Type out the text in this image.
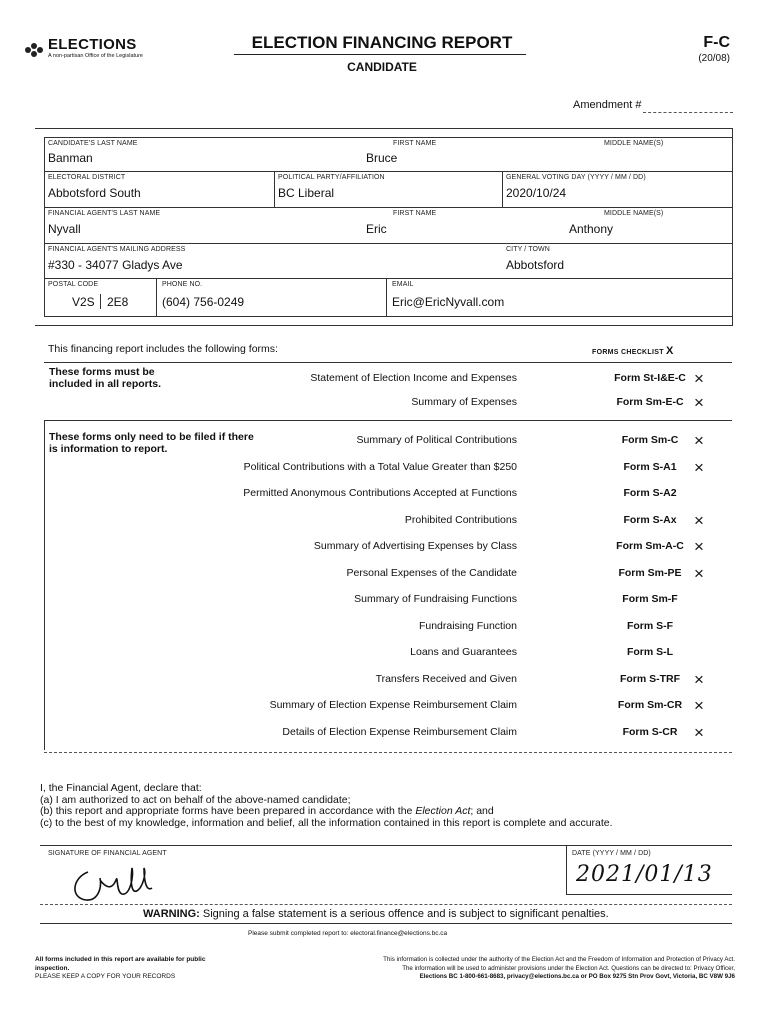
ELECTIONS
A non-partisan Office of the Legislature
ELECTION FINANCING REPORT
CANDIDATE
F-C
(20/08)
Amendment #
CANDIDATE'S LAST NAME
Banman
FIRST NAME
Bruce
MIDDLE NAME(S)
ELECTORAL DISTRICT
Abbotsford South
POLITICAL PARTY/AFFILIATION
BC Liberal
GENERAL VOTING DAY (YYYY / MM / DD)
2020/10/24
FINANCIAL AGENT'S LAST NAME
Nyvall
FIRST NAME
Eric
MIDDLE NAME(S)
Anthony
FINANCIAL AGENT'S MAILING ADDRESS
#330 - 34077 Gladys Ave
CITY / TOWN
Abbotsford
POSTAL CODE
V2S 2E8
PHONE NO.
(604) 756-0249
EMAIL
Eric@EricNyvall.com
This financing report includes the following forms:	FORMS CHECKLIST X
These forms must be included in all reports.	Statement of Election Income and Expenses	Form St-I&E-C ×
Summary of Expenses	Form Sm-E-C ×
These forms only need to be filed if there is information to report.
Summary of Political Contributions	Form Sm-C ×
Political Contributions with a Total Value Greater than $250	Form S-A1	×
Permitted Anonymous Contributions Accepted at Functions	Form S-A2
Prohibited Contributions	Form S-Ax	×
Summary of Advertising Expenses by Class	Form Sm-A-C ×
Personal Expenses of the Candidate	Form Sm-PE ×
Summary of Fundraising Functions	Form Sm-F
Fundraising Function	Form S-F
Loans and Guarantees	Form S-L
Transfers Received and Given	Form S-TRF ×
Summary of Election Expense Reimbursement Claim	Form Sm-CR ×
Details of Election Expense Reimbursement Claim	Form S-CR ×
I, the Financial Agent, declare that:
(a) I am authorized to act on behalf of the above-named candidate;
(b) this report and appropriate forms have been prepared in accordance with the Election Act; and
(c) to the best of my knowledge, information and belief, all the information contained in this report is complete and accurate.
SIGNATURE OF FINANCIAL AGENT	DATE (YYYY / MM / DD)
2021/01/13
WARNING: Signing a false statement is a serious offence and is subject to significant penalties.
Please submit completed report to: electoral.finance@elections.bc.ca
All forms included in this report are available for public inspection.
PLEASE KEEP A COPY FOR YOUR RECORDS
This information is collected under the authority of the Election Act and the Freedom of Information and Protection of Privacy Act.
The information will be used to administer provisions under the Election Act. Questions can be directed to: Privacy Officer,
Elections BC 1-800-661-8683, privacy@elections.bc.ca or PO Box 9275 Stn Prov Govt, Victoria, BC V8W 9J6
